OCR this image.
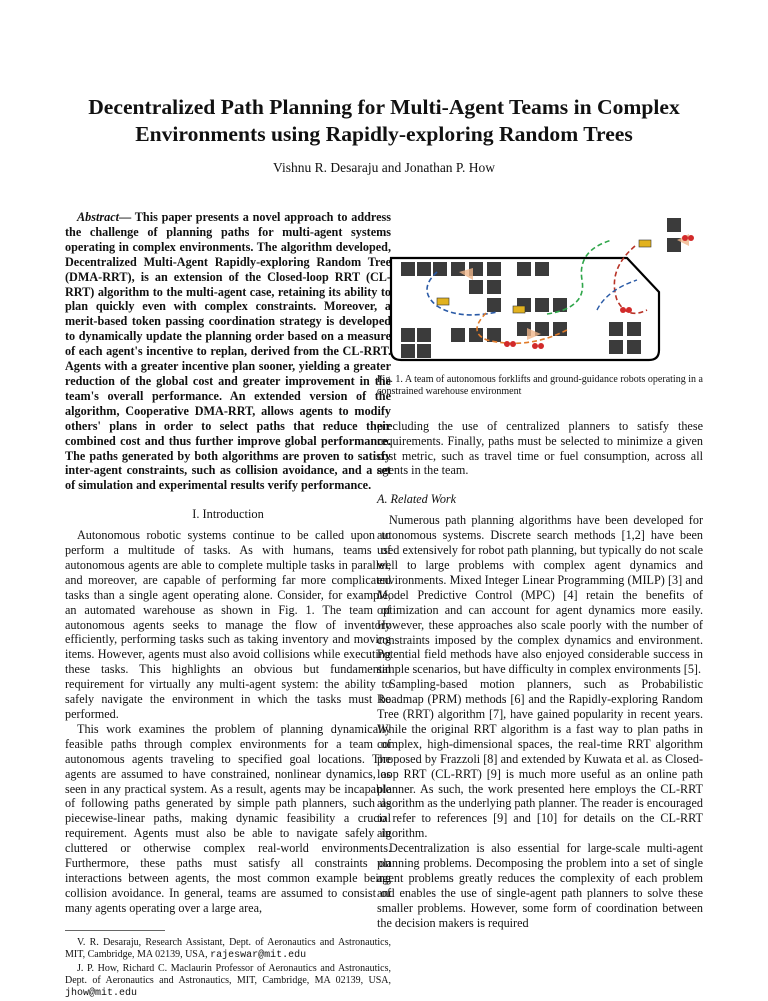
Decentralized Path Planning for Multi-Agent Teams in Complex
Environments using Rapidly-exploring Random Trees
Vishnu R. Desaraju and Jonathan P. How

Abstract— This paper presents a novel approach to address the challenge of planning paths for multi-agent systems operating in complex environments. The algorithm developed, Decentralized Multi-Agent Rapidly-exploring Random Tree (DMA-RRT), is an extension of the Closed-loop RRT (CL-RRT) algorithm to the multi-agent case, retaining its ability to plan quickly even with complex constraints. Moreover, a merit-based token passing coordination strategy is developed to dynamically update the planning order based on a measure of each agent's incentive to replan, derived from the CL-RRT. Agents with a greater incentive plan sooner, yielding a greater reduction of the global cost and greater improvement in the team's overall performance. An extended version of the algorithm, Cooperative DMA-RRT, allows agents to modify others' plans in order to select paths that reduce their combined cost and thus further improve global performance. The paths generated by both algorithms are proven to satisfy inter-agent constraints, such as collision avoidance, and a set of simulation and experimental results verify performance.

I. Introduction

Autonomous robotic systems continue to be called upon to perform a multitude of tasks. As with humans, teams of autonomous agents are able to complete multiple tasks in parallel, and moreover, are capable of performing far more complicated tasks than a single agent operating alone. Consider, for example, an automated warehouse as shown in Fig. 1. The team of autonomous agents seeks to manage the flow of inventory efficiently, performing tasks such as taking inventory and moving items. However, agents must also avoid collisions while executing these tasks. This highlights an obvious but fundamental requirement for virtually any multi-agent system: the ability to safely navigate the environment in which the tasks must be performed.

This work examines the problem of planning dynamically feasible paths through complex environments for a team of autonomous agents traveling to specified goal locations. The agents are assumed to have constrained, nonlinear dynamics, as seen in any practical system. As a result, agents may be incapable of following paths generated by simple path planners, such as piecewise-linear paths, making dynamic feasibility a crucial requirement. Agents must also be able to navigate safely in cluttered or otherwise complex real-world environments. Furthermore, these paths must satisfy all constraints on interactions between agents, the most common example being collision avoidance. In general, teams are assumed to consist of many agents operating over a large area,

V. R. Desaraju, Research Assistant, Dept. of Aeronautics and Astronautics, MIT, Cambridge, MA 02139, USA, rajeswar@mit.edu

J. P. How, Richard C. Maclaurin Professor of Aeronautics and Astronautics, Dept. of Aeronautics and Astronautics, MIT, Cambridge, MA 02139, USA, jhow@mit.edu

Fig. 1. A team of autonomous forklifts and ground-guidance robots operating in a constrained warehouse environment

precluding the use of centralized planners to satisfy these requirements. Finally, paths must be selected to minimize a given cost metric, such as travel time or fuel consumption, across all agents in the team.

A. Related Work

Numerous path planning algorithms have been developed for autonomous systems. Discrete search methods [1,2] have been used extensively for robot path planning, but typically do not scale well to large problems with complex agent dynamics and environments. Mixed Integer Linear Programming (MILP) [3] and Model Predictive Control (MPC) [4] retain the benefits of optimization and can account for agent dynamics more easily. However, these approaches also scale poorly with the number of constraints imposed by the complex dynamics and environment. Potential field methods have also enjoyed considerable success in simple scenarios, but have difficulty in complex environments [5].

Sampling-based motion planners, such as Probabilistic Roadmap (PRM) methods [6] and the Rapidly-exploring Random Tree (RRT) algorithm [7], have gained popularity in recent years. While the original RRT algorithm is a fast way to plan paths in complex, high-dimensional spaces, the real-time RRT algorithm proposed by Frazzoli [8] and extended by Kuwata et al. as Closed-loop RRT (CL-RRT) [9] is much more useful as an online path planner. As such, the work presented here employs the CL-RRT algorithm as the underlying path planner. The reader is encouraged to refer to references [9] and [10] for details on the CL-RRT algorithm.

Decentralization is also essential for large-scale multi-agent planning problems. Decomposing the problem into a set of single agent problems greatly reduces the complexity of each problem and enables the use of single-agent path planners to solve these smaller problems. However, some form of coordination between the decision makers is required
